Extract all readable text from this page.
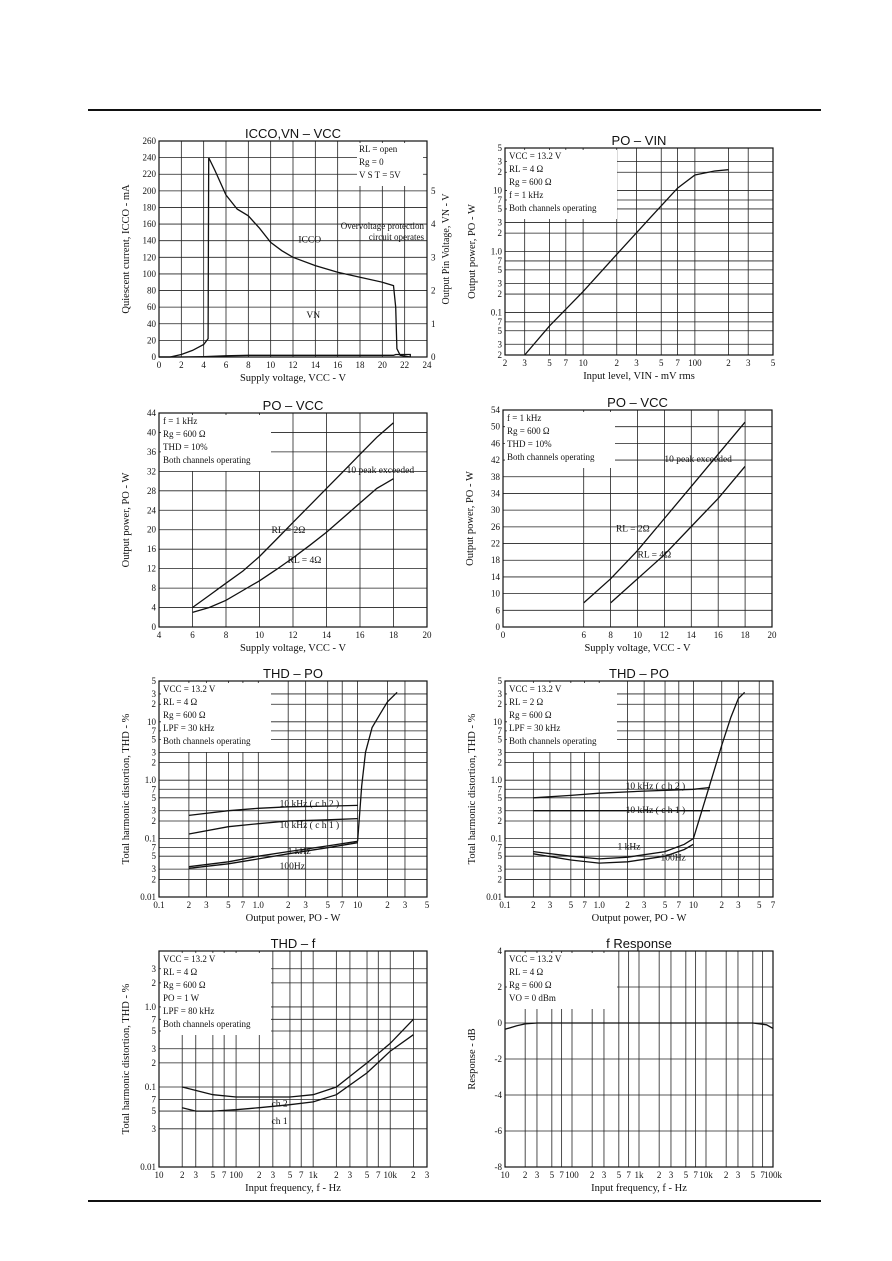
0 2 4 6 8 10 12 14 16 18 20 22 24
0
20
40
60
80
100
120
140
160
180
200
220
240
260
0
1
2
3
4
5
Output Pin Voltage, VN - V
Supply voltage, VCC - V
Quiescent current, ICCO - mA
ICCO,VN – VCC
RL = open
Rg = 0
V S T = 5V
Overvoltage protection
circuit operates
ICCO
VN
2 3 5 7 10	2 3 5 7 100	2 3 5
2
3
5
7
0.1
2
3
5
7
1.0
2
3
5
7
10
2
3
5
Input level, VIN - mV rms
Output power, PO - W
PO – VIN
VCC = 13.2 V
RL = 4 Ω
Rg = 600 Ω
f = 1 kHz
Both channels operating
4	6	8	10	12	14	16	18	20
0
4
8
12
16
20
24
28
32
36
40
44
Supply voltage, VCC - V
Output power, PO - W
PO – VCC
f = 1 kHz
Rg = 600 Ω
THD = 10%
Both channels operating
RL = 2Ω
RL = 4Ω
10 peak exceeded
0	6 8 10 12 14 16 18 20
0
6
10
14
18
22
26
30
34
38
42
46
50
54
Supply voltage, VCC - V
Output power, PO - W
PO – VCC
f = 1 kHz
Rg = 600 Ω
THD = 10%
Both channels operating
RL = 2Ω
RL = 4Ω
10 peak exceeded
0.1 2 3 5 7 1.0 2 3 5 7 10	2 3 5
0.01
2
3
5
7
0.1
2
3
5
7
1.0
2
3
5
7
10
2
3
5
Output power, PO - W
Total harmonic distortion, THD - %
THD – PO
VCC = 13.2 V
RL = 4 Ω
Rg = 600 Ω
LPF = 30 kHz
Both channels operating
10 kHz ( c h 2 )
10 kHz ( c h 1 )
1 kHz
100Hz
0.1 2 3 5 7 1.0 2 3 5 7 10 2 3 5 7
0.01
2
3
5
7
0.1
2
3
5
7
1.0
2
3
5
7
10
2
3
5
Output power, PO - W
Total harmonic distortion, THD - %
THD – PO
VCC = 13.2 V
RL = 2 Ω
Rg = 600 Ω
LPF = 30 kHz
Both channels operating
10 kHz ( c h 2 )
10 kHz ( c h 1 )
1 kHz
100Hz
10 2 3 5 7 100 2 3 5 7 1k 2 3 5 7 10k 2 3
0.01
3
5
7
0.1
2
3
5
7
1.0
2
3
Input frequency, f - Hz
Total harmonic distortion, THD - %
THD – f
VCC = 13.2 V
RL = 4 Ω
Rg = 600 Ω
PO = 1 W
LPF = 80 kHz
Both channels operating
ch 2
ch 1
10 2 3 5 7 100 2 3 5 7 1k 2 3 5 7 10k 2 3 5 7 100k
4
2
0
-2
-4
-6
-8
Input frequency, f - Hz
Response - dB
f Response
VCC = 13.2 V
RL = 4 Ω
Rg = 600 Ω
VO = 0 dBm
